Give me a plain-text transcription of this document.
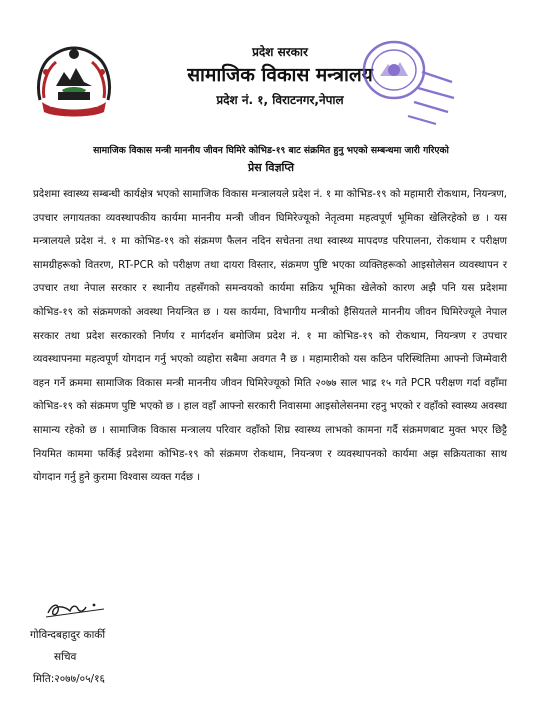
प्रदेश सरकार
सामाजिक विकास मन्त्रालय
प्रदेश नं. १, विराटनगर,नेपाल
सामाजिक विकास मन्त्री माननीय जीवन घिमिरे कोभिड-१९ बाट संक्रमित हुनु भएको सम्बन्धमा जारी गरिएको
प्रेस विज्ञप्ति
प्रदेशमा स्वास्थ्य सम्बन्धी कार्यक्षेत्र भएको सामाजिक विकास मन्त्रालयले प्रदेश नं. १ मा कोभिड-१९ को महामारी रोकथाम, नियन्त्रण, उपचार लगायतका व्यवस्थापकीय कार्यमा माननीय मन्त्री जीवन घिमिरेज्यूको नेतृत्वमा महत्वपूर्ण भूमिका खेलिरहेको छ । यस मन्त्रालयले प्रदेश नं. १ मा कोभिड-१९ को संक्रमण फैलन नदिन सचेतना तथा स्वास्थ्य मापदण्ड परिपालना, रोकथाम र परीक्षण सामग्रीहरूको वितरण, RT-PCR को परीक्षण तथा दायरा विस्तार, संक्रमण पुष्टि भएका व्यक्तिहरूको आइसोलेसन व्यवस्थापन र उपचार तथा नेपाल सरकार र स्थानीय तहसँगको समन्वयको कार्यमा सक्रिय भूमिका खेलेको कारण अझै पनि यस प्रदेशमा कोभिड-१९ को संक्रमणको अवस्था नियन्त्रित छ । यस कार्यमा, विभागीय मन्त्रीको हैसियतले माननीय जीवन घिमिरेज्यूले नेपाल सरकार तथा प्रदेश सरकारको निर्णय र मार्गदर्शन बमोजिम प्रदेश नं. १ मा कोभिड-१९ को रोकथाम, नियन्त्रण र उपचार व्यवस्थापनमा महत्वपूर्ण योगदान गर्नु भएको व्यहोरा सबैमा अवगत नै छ । महामारीको यस कठिन परिस्थितिमा आफ्नो जिम्मेवारी वहन गर्ने क्रममा सामाजिक विकास मन्त्री माननीय जीवन घिमिरेज्यूको मिति २०७७ साल भाद्र १५ गते PCR परीक्षण गर्दा वहाँमा कोभिड-१९ को संक्रमण पुष्टि भएको छ । हाल वहाँ आफ्नो सरकारी निवासमा आइसोलेसनमा रहनु भएको र वहाँको स्वास्थ्य अवस्था सामान्य रहेको छ । सामाजिक विकास मन्त्रालय परिवार वहाँको शिघ्र स्वास्थ्य लाभको कामना गर्दै संक्रमणबाट मुक्त भएर छिट्टै नियमित काममा फर्किई प्रदेशमा कोभिड-१९ को संक्रमण रोकथाम, नियन्त्रण र व्यवस्थापनको कार्यमा अझ सक्रियताका साथ योगदान गर्नु हुने कुरामा विश्वास व्यक्त गर्दछ ।
गोविन्दबहादुर कार्की
सचिव
मिति:२०७७/०५/१६
